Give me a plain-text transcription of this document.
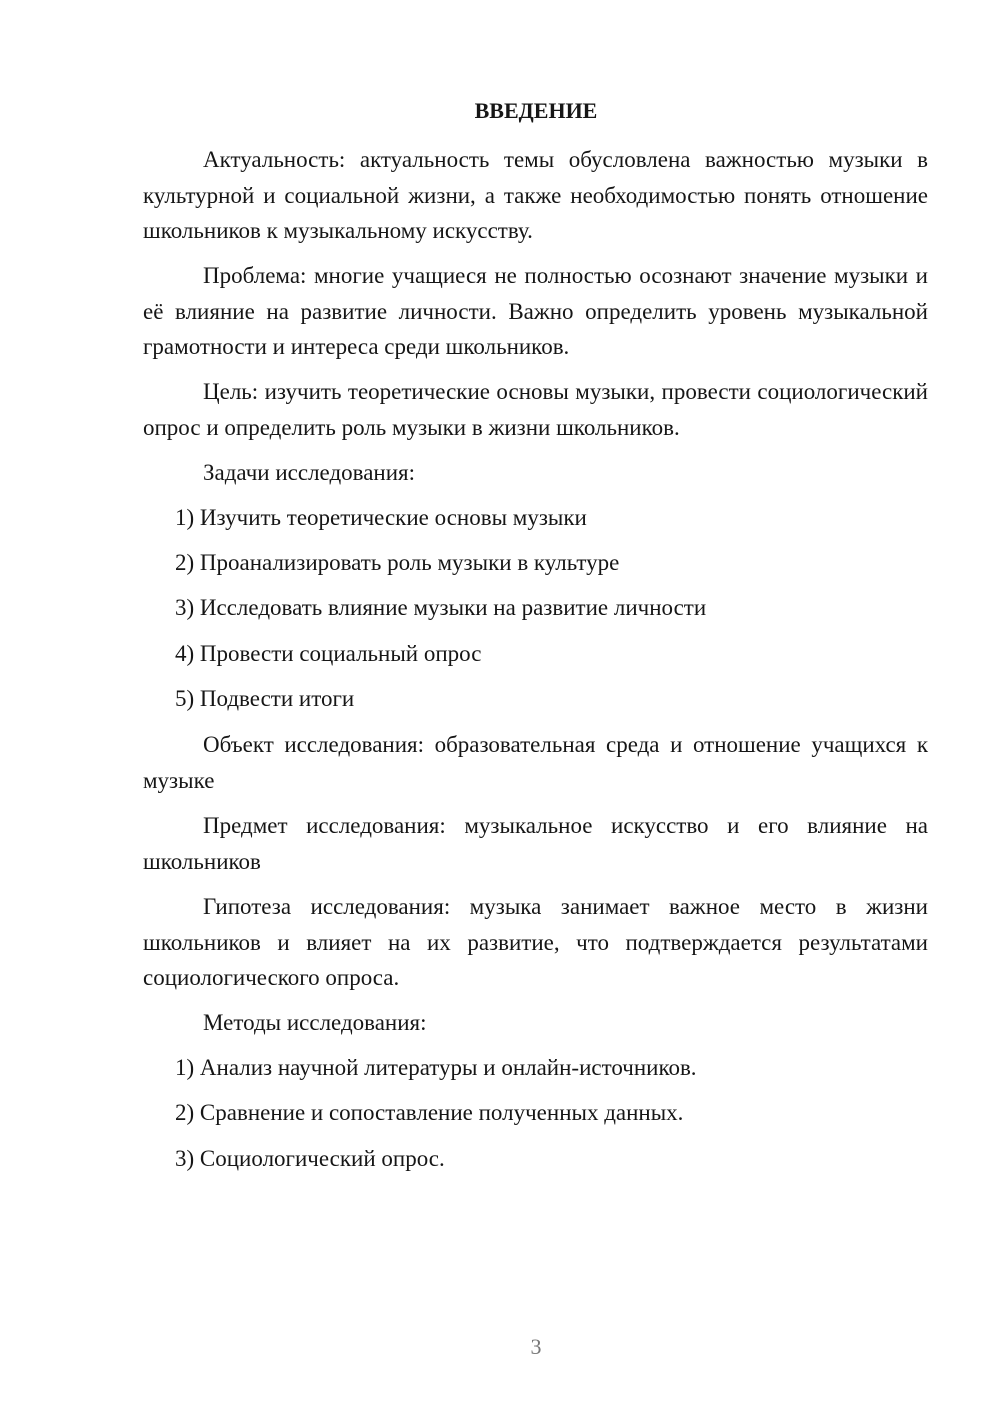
ВВЕДЕНИЕ
Актуальность: актуальность темы обусловлена важностью музыки в культурной и социальной жизни, а также необходимостью понять отношение школьников к музыкальному искусству.
Проблема: многие учащиеся не полностью осознают значение музыки и её влияние на развитие личности. Важно определить уровень музыкальной грамотности и интереса среди школьников.
Цель: изучить теоретические основы музыки, провести социологический опрос и определить роль музыки в жизни школьников.
Задачи исследования:
1) Изучить теоретические основы музыки
2) Проанализировать роль музыки в культуре
3) Исследовать влияние музыки на развитие личности
4) Провести социальный опрос
5) Подвести итоги
Объект исследования: образовательная среда и отношение учащихся к музыке
Предмет исследования: музыкальное искусство и его влияние на школьников
Гипотеза исследования: музыка занимает важное место в жизни школьников и влияет на их развитие, что подтверждается результатами социологического опроса.
Методы исследования:
1) Анализ научной литературы и онлайн-источников.
2) Сравнение и сопоставление полученных данных.
3) Социологический опрос.
3
